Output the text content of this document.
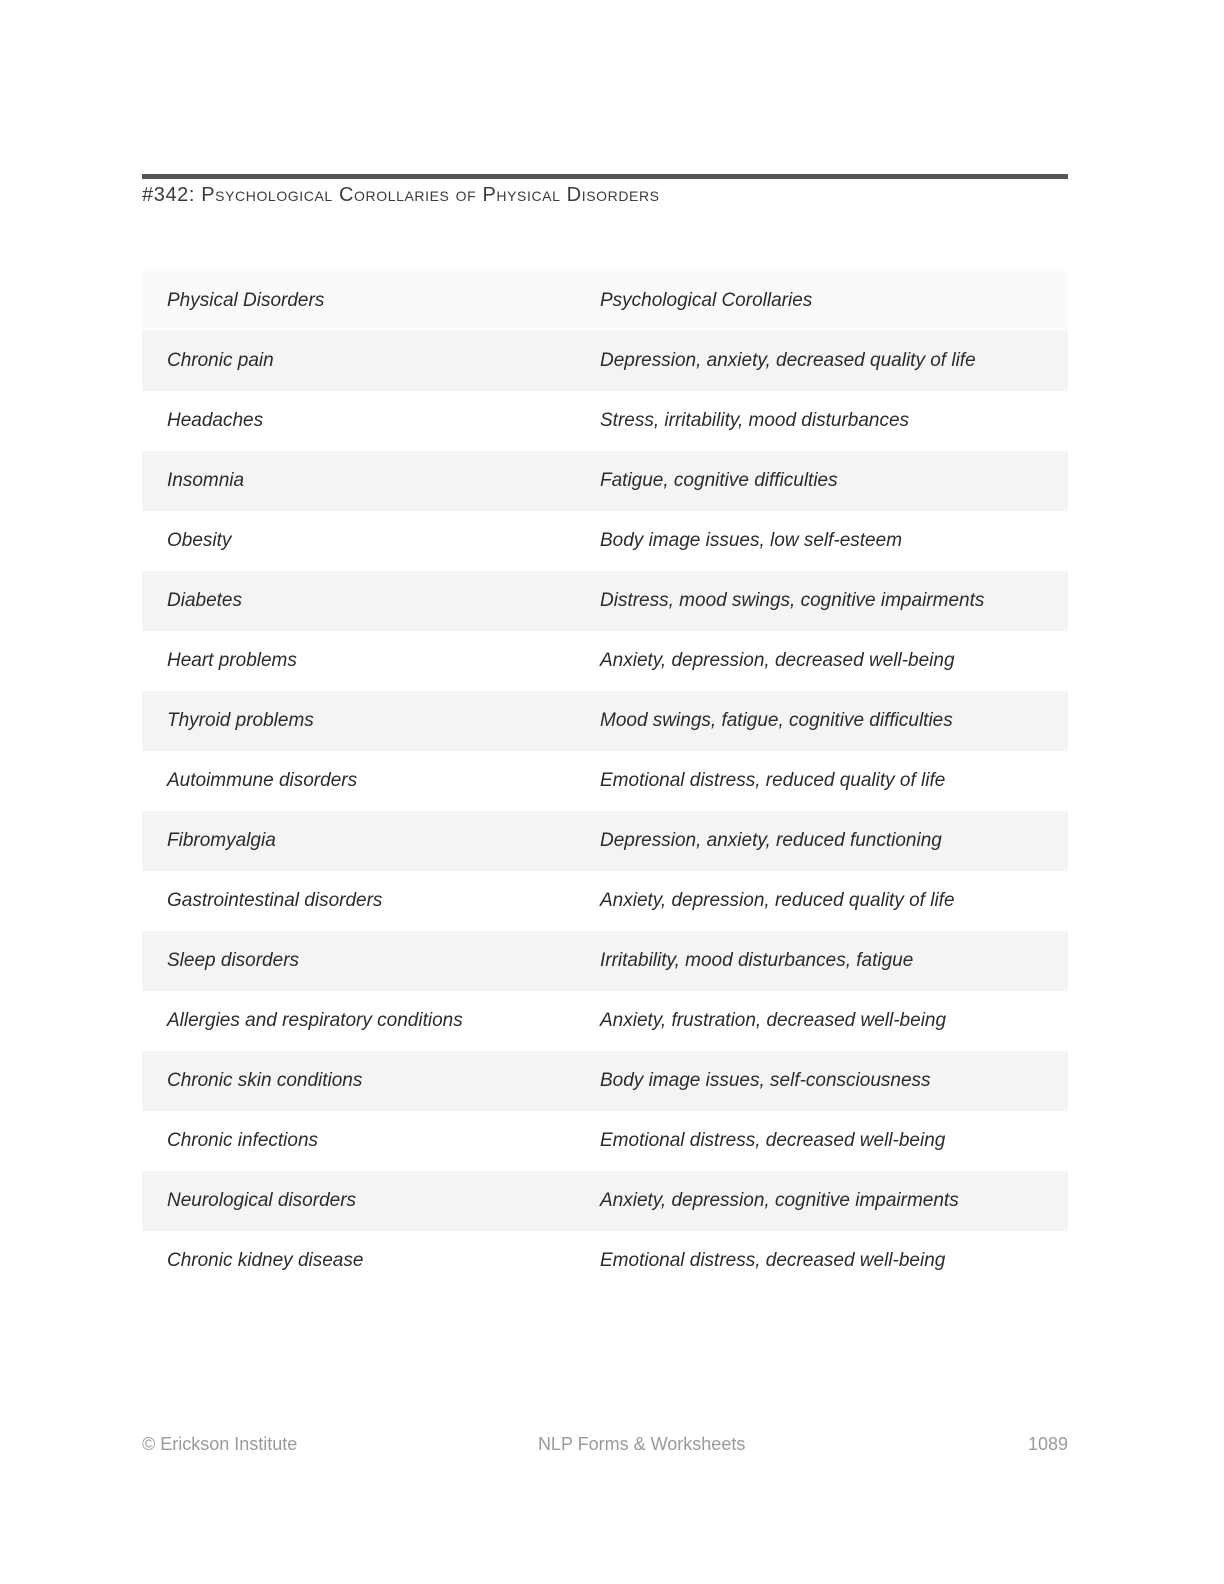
#342: Psychological Corollaries of Physical Disorders
Physical Disorders	Psychological Corollaries
Chronic pain	Depression, anxiety, decreased quality of life
Headaches	Stress, irritability, mood disturbances
Insomnia	Fatigue, cognitive difficulties
Obesity	Body image issues, low self-esteem
Diabetes	Distress, mood swings, cognitive impairments
Heart problems	Anxiety, depression, decreased well-being
Thyroid problems	Mood swings, fatigue, cognitive difficulties
Autoimmune disorders	Emotional distress, reduced quality of life
Fibromyalgia	Depression, anxiety, reduced functioning
Gastrointestinal disorders	Anxiety, depression, reduced quality of life
Sleep disorders	Irritability, mood disturbances, fatigue
Allergies and respiratory conditions	Anxiety, frustration, decreased well-being
Chronic skin conditions	Body image issues, self-consciousness
Chronic infections	Emotional distress, decreased well-being
Neurological disorders	Anxiety, depression, cognitive impairments
Chronic kidney disease	Emotional distress, decreased well-being
© Erickson Institute	NLP Forms & Worksheets	1089
